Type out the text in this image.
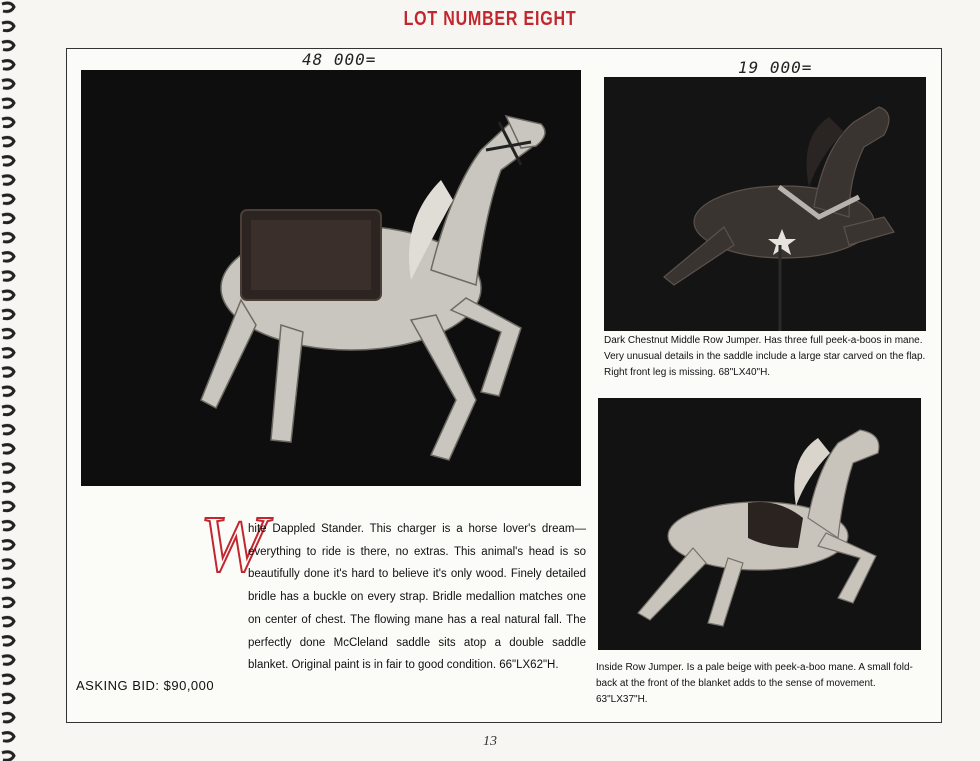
LOT NUMBER EIGHT
48 000=	19 000=
Dark Chestnut Middle Row Jumper. Has three full peek-a-boos in mane. Very unusual details in the saddle include a large star carved on the flap. Right front leg is missing. 68"LX40"H.
Inside Row Jumper. Is a pale beige with peek-a-boo mane. A small fold-back at the front of the blanket adds to the sense of movement. 63"LX37"H.
W
hite Dappled Stander. This charger is a horse lover's dream—everything to ride is there, no extras. This animal's head is so beautifully done it's hard to believe it's only wood. Finely detailed bridle has a buckle on every strap. Bridle medallion matches one on center of chest. The flowing mane has a real natural fall. The perfectly done McCleland saddle sits atop a double saddle blanket. Original paint is in fair to good condition. 66"LX62"H.
ASKING BID: $90,000
13
